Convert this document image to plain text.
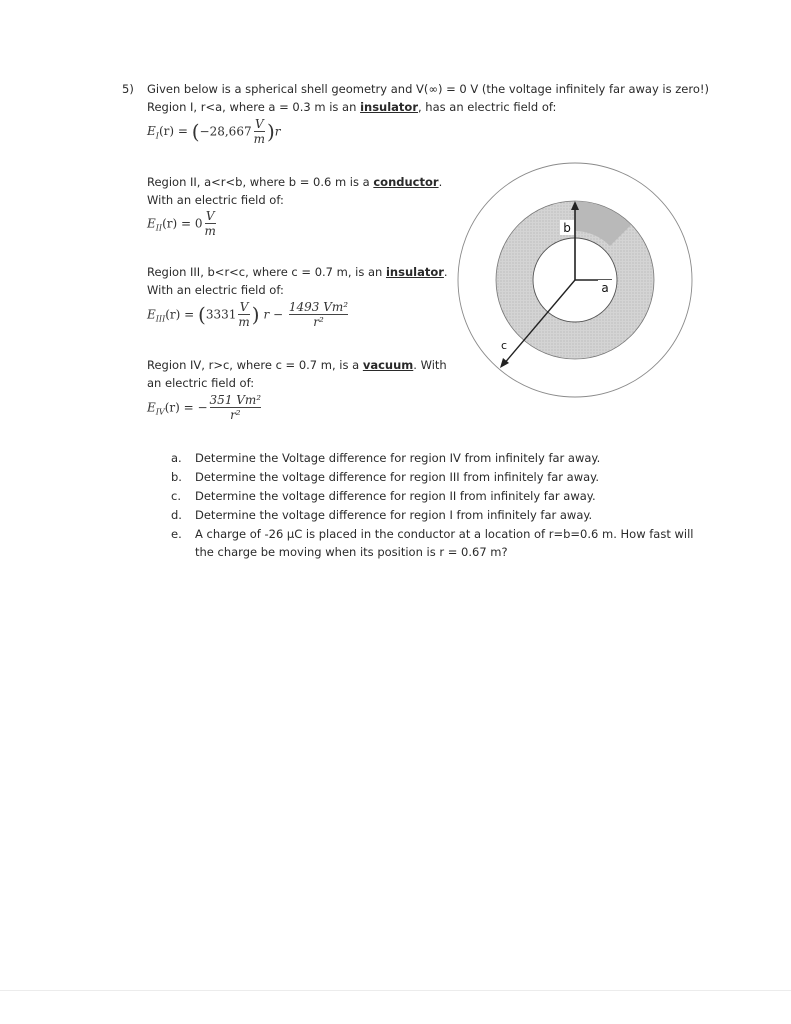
5) Given below is a spherical shell geometry and V(∞) = 0 V (the voltage infinitely far away is zero!)
Region I, r<a, where a = 0.3 m is an insulator, has an electric field of:
$E_I(r) = (-28,667 \frac{V}{m} )r$
Region II, a<r<b, where b = 0.6 m is a conductor.
With an electric field of:
$E_{II}(r) = 0 \frac{V}{m}$
Region III, b<r<c, where c = 0.7 m, is an insulator.
With an electric field of:
$E_{III}(r) = (3331 \frac{V}{m}$ ) $r - \frac{\text{1493 Vm²}}{\text{r²}}$
Region IV, r>c, where c = 0.7 m, is a vacuum. With
an electric field of:
$E_{IV}(r)$ = − $\frac{\text{351 Vm²}}{\text{r²}}$
b
a
c
a. Determine the Voltage difference for region IV from infinitely far away.
b. Determine the voltage difference for region III from infinitely far away.
c. Determine the voltage difference for region II from infinitely far away.
d. Determine the voltage difference for region I from infinitely far away.
e. A charge of -26 μC is placed in the conductor at a location of r=b=0.6 m. How fast will
the charge be moving when its position is r = 0.67 m?
